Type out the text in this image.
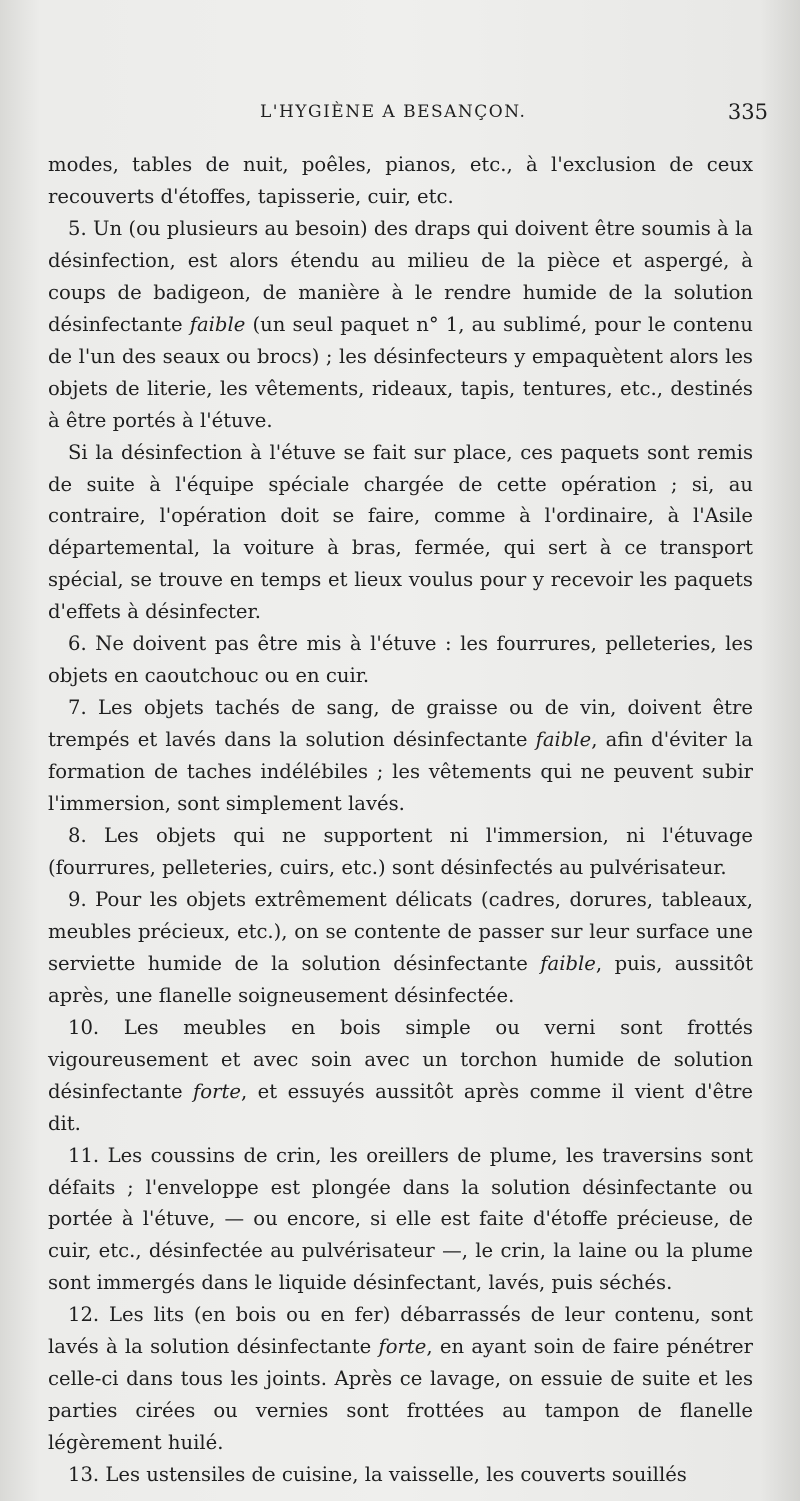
L'HYGIÈNE A BESANÇON.	335

modes, tables de nuit, poêles, pianos, etc., à l'exclusion de ceux recouverts d'étoffes, tapisserie, cuir, etc.

5. Un (ou plusieurs au besoin) des draps qui doivent être soumis à la désinfection, est alors étendu au milieu de la pièce et aspergé, à coups de badigeon, de manière à le rendre humide de la solution désinfectante faible (un seul paquet n° 1, au sublimé, pour le contenu de l'un des seaux ou brocs) ; les désinfecteurs y empaquètent alors les objets de literie, les vêtements, rideaux, tapis, tentures, etc., destinés à être portés à l'étuve.

Si la désinfection à l'étuve se fait sur place, ces paquets sont remis de suite à l'équipe spéciale chargée de cette opération ; si, au contraire, l'opération doit se faire, comme à l'ordinaire, à l'Asile départemental, la voiture à bras, fermée, qui sert à ce transport spécial, se trouve en temps et lieux voulus pour y recevoir les paquets d'effets à désinfecter.

6. Ne doivent pas être mis à l'étuve : les fourrures, pelleteries, les objets en caoutchouc ou en cuir.

7. Les objets tachés de sang, de graisse ou de vin, doivent être trempés et lavés dans la solution désinfectante faible, afin d'éviter la formation de taches indélébiles ; les vêtements qui ne peuvent subir l'immersion, sont simplement lavés.

8. Les objets qui ne supportent ni l'immersion, ni l'étuvage (fourrures, pelleteries, cuirs, etc.) sont désinfectés au pulvérisateur.

9. Pour les objets extrêmement délicats (cadres, dorures, tableaux, meubles précieux, etc.), on se contente de passer sur leur surface une serviette humide de la solution désinfectante faible, puis, aussitôt après, une flanelle soigneusement désinfectée.

10. Les meubles en bois simple ou verni sont frottés vigoureusement et avec soin avec un torchon humide de solution désinfectante forte, et essuyés aussitôt après comme il vient d'être dit.

11. Les coussins de crin, les oreillers de plume, les traversins sont défaits ; l'enveloppe est plongée dans la solution désinfectante ou portée à l'étuve, — ou encore, si elle est faite d'étoffe précieuse, de cuir, etc., désinfectée au pulvérisateur —, le crin, la laine ou la plume sont immergés dans le liquide désinfectant, lavés, puis séchés.

12. Les lits (en bois ou en fer) débarrassés de leur contenu, sont lavés à la solution désinfectante forte, en ayant soin de faire pénétrer celle-ci dans tous les joints. Après ce lavage, on essuie de suite et les parties cirées ou vernies sont frottées au tampon de flanelle légèrement huilé.

13. Les ustensiles de cuisine, la vaisselle, les couverts souillés
